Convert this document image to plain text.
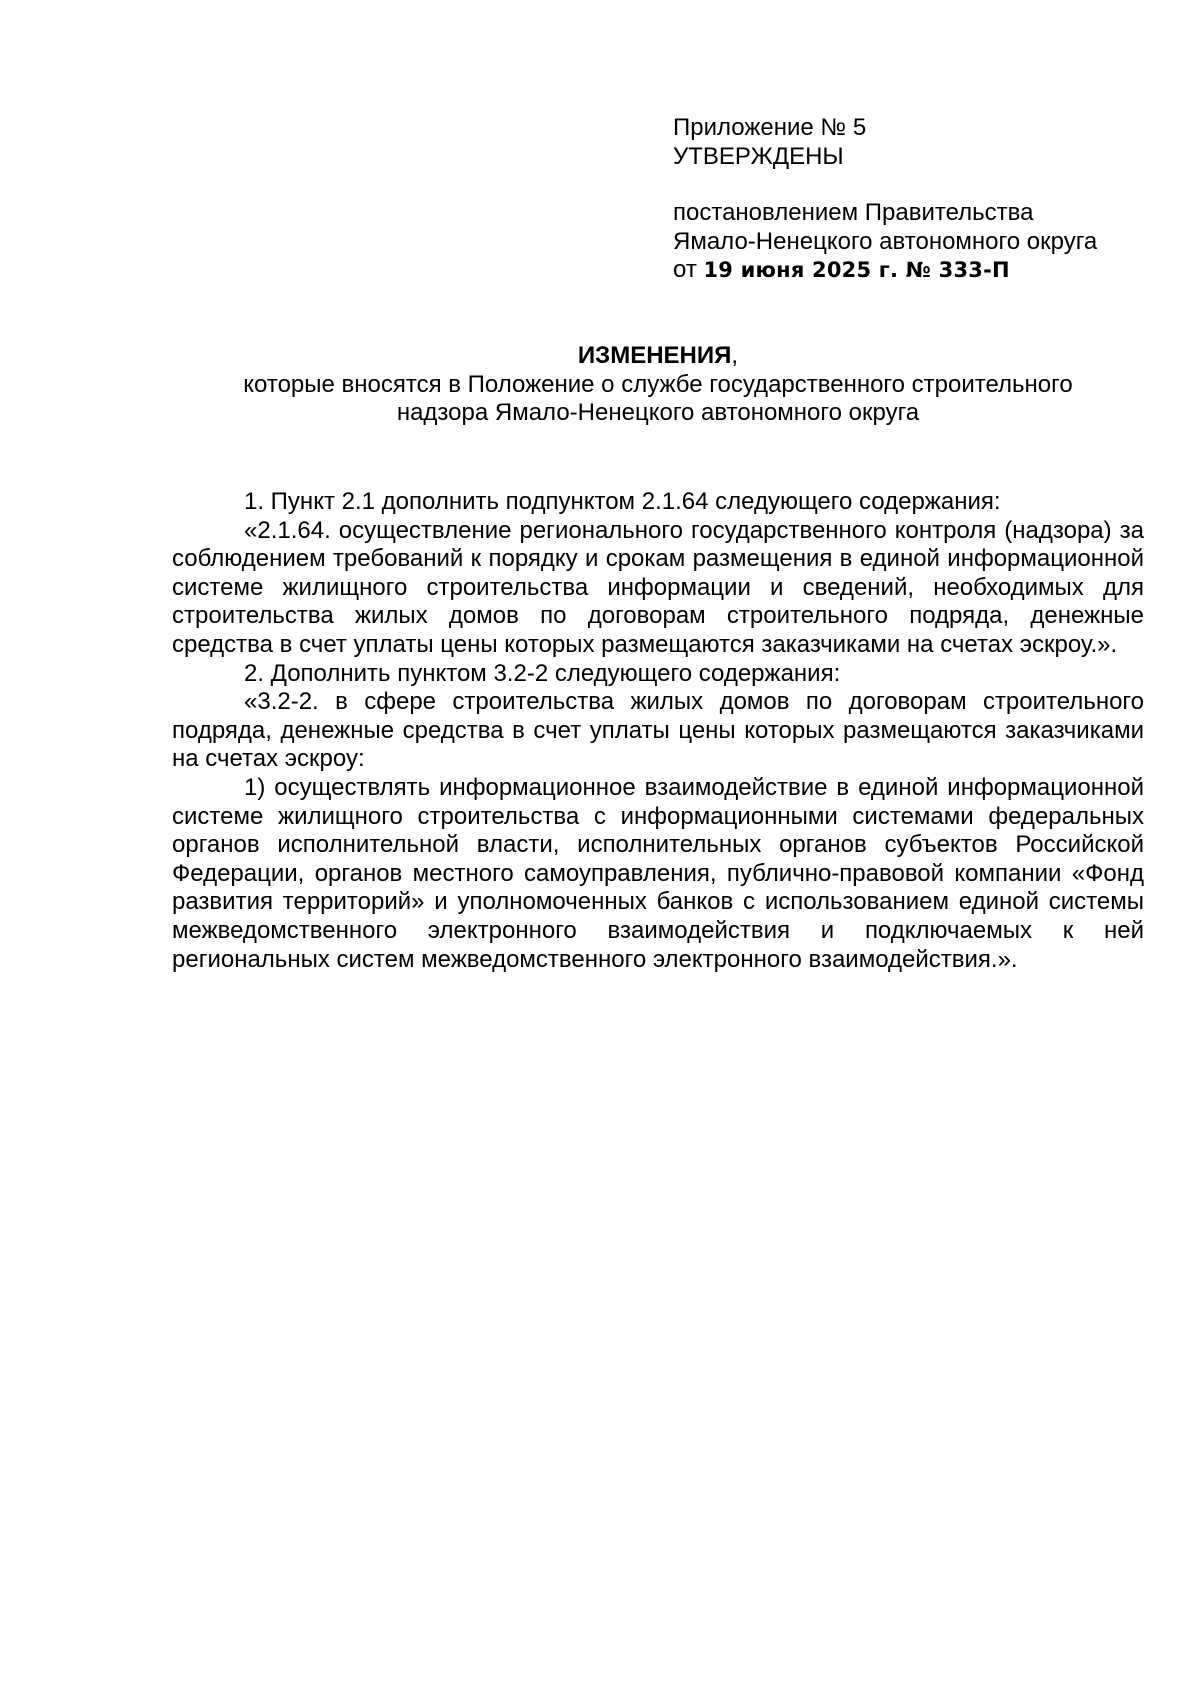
Приложение № 5
УТВЕРЖДЕНЫ
постановлением Правительства
Ямало-Ненецкого автономного округа
от 19 июня 2025 г. № 333-П
ИЗМЕНЕНИЯ,
которые вносятся в Положение о службе государственного строительного
надзора Ямало-Ненецкого автономного округа

1. Пункт 2.1 дополнить подпунктом 2.1.64 следующего содержания:

«2.1.64. осуществление регионального государственного контроля (надзора) за соблюдением требований к порядку и срокам размещения в единой информационной системе жилищного строительства информации и сведений, необходимых для строительства жилых домов по договорам строительного подряда, денежные средства в счет уплаты цены которых размещаются заказчиками на счетах эскроу.».

2. Дополнить пунктом 3.2-2 следующего содержания:

«3.2-2. в сфере строительства жилых домов по договорам строительного подряда, денежные средства в счет уплаты цены которых размещаются заказчиками на счетах эскроу:

1) осуществлять информационное взаимодействие в единой информационной системе жилищного строительства с информационными системами федеральных органов исполнительной власти, исполнительных органов субъектов Российской Федерации, органов местного самоуправления, публично-правовой компании «Фонд развития территорий» и уполномоченных банков с использованием единой системы межведомственного электронного взаимодействия и подключаемых к ней региональных систем межведомственного электронного взаимодействия.».
